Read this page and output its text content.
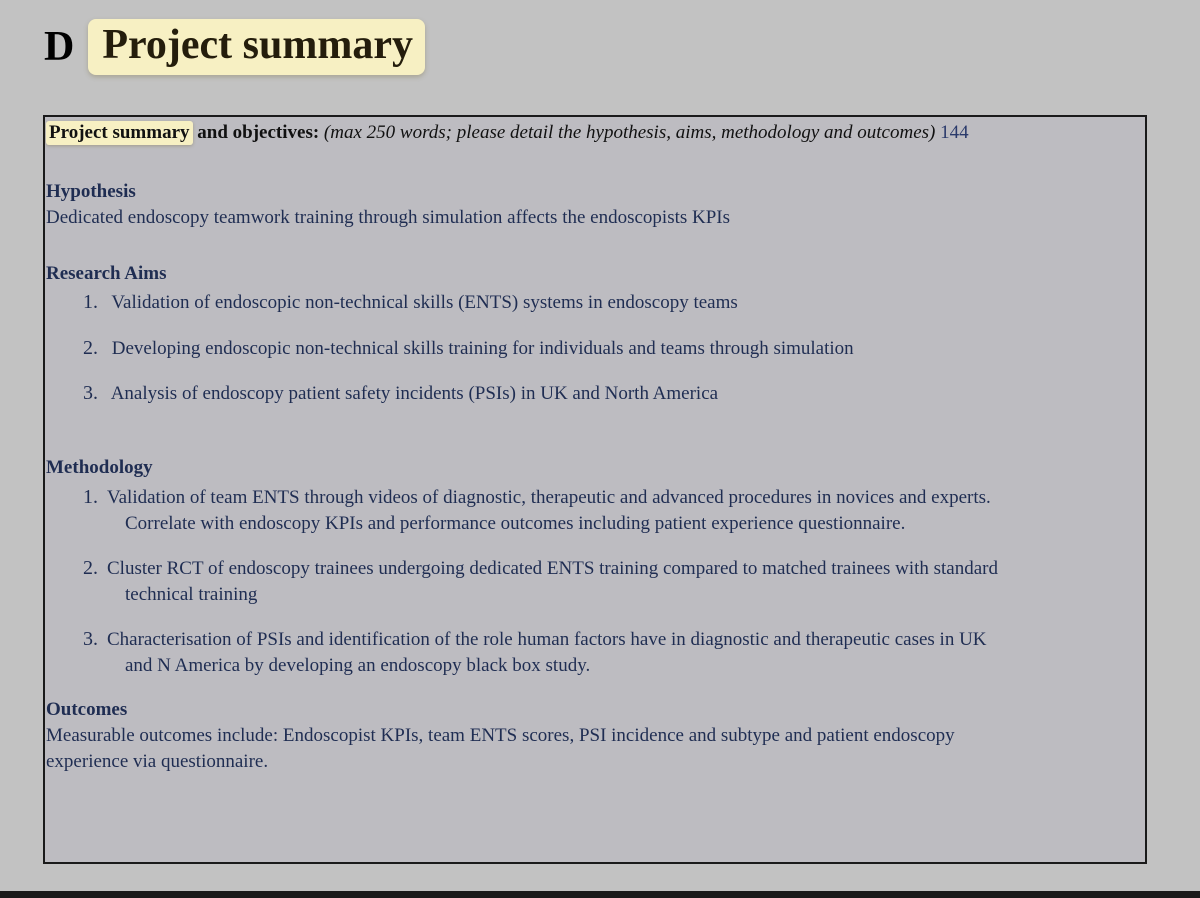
D Project summary
Project summary and objectives: (max 250 words; please detail the hypothesis, aims, methodology and outcomes) 144
Hypothesis
Dedicated endoscopy teamwork training through simulation affects the endoscopists KPIs
Research Aims
1. Validation of endoscopic non-technical skills (ENTS) systems in endoscopy teams
2. Developing endoscopic non-technical skills training for individuals and teams through simulation
3. Analysis of endoscopy patient safety incidents (PSIs) in UK and North America
Methodology
1. Validation of team ENTS through videos of diagnostic, therapeutic and advanced procedures in novices and experts.
Correlate with endoscopy KPIs and performance outcomes including patient experience questionnaire.
2. Cluster RCT of endoscopy trainees undergoing dedicated ENTS training compared to matched trainees with standard
technical training
3. Characterisation of PSIs and identification of the role human factors have in diagnostic and therapeutic cases in UK
and N America by developing an endoscopy black box study.
Outcomes
Measurable outcomes include: Endoscopist KPIs, team ENTS scores, PSI incidence and subtype and patient endoscopy
experience via questionnaire.
